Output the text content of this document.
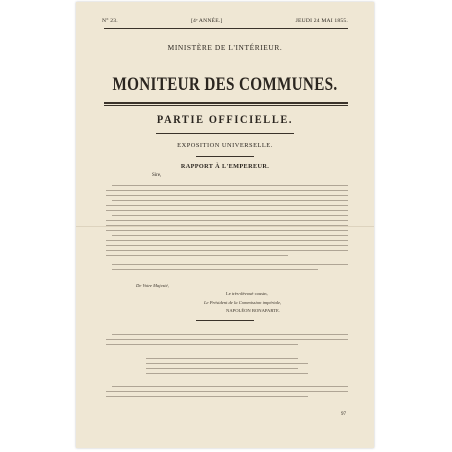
N° 23.	[4ᵉ ANNÉE.]	JEUDI 24 MAI 1855.
MINISTÈRE DE L'INTÉRIEUR.
MONITEUR DES COMMUNES.
PARTIE OFFICIELLE.
EXPOSITION UNIVERSELLE.
RAPPORT À L'EMPEREUR.
Sire,
De Votre Majesté,
Le très-dévoué cousin,
Le Président de la Commission impériale,
NAPOLÉON BONAPARTE.
97
